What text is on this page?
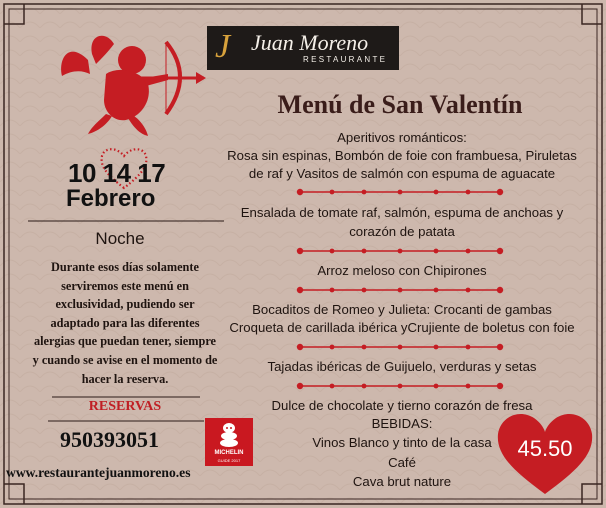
J Juan Moreno
RESTAURANTE
Menú de San Valentín
Aperitivos románticos:
Rosa sin espinas, Bombón de foie con frambuesa, Piruletas
de raf y Vasitos de salmón con espuma de aguacate
Ensalada de tomate raf, salmón, espuma de anchoas y
corazón de patata
Arroz meloso con Chipirones
Bocaditos de Romeo y Julieta: Crocanti de gambas
Croqueta de carillada ibérica yCrujiente de boletus con foie
Tajadas ibéricas de Guijuelo, verduras y setas
Dulce de chocolate y tierno corazón de fresa
BEBIDAS:
Vinos Blanco y tinto de la casa
Café
Cava brut nature
10 14 17
Febrero
Noche
Durante esos días solamente serviremos este menú en exclusividad, pudiendo ser adaptado para las diferentes alergias que puedan tener, siempre y cuando se avise en el momento de hacer la reserva.
RESERVAS
950393051
www.restaurantejuanmoreno.es
MICHELIN
GUIDE 2017	45.50
